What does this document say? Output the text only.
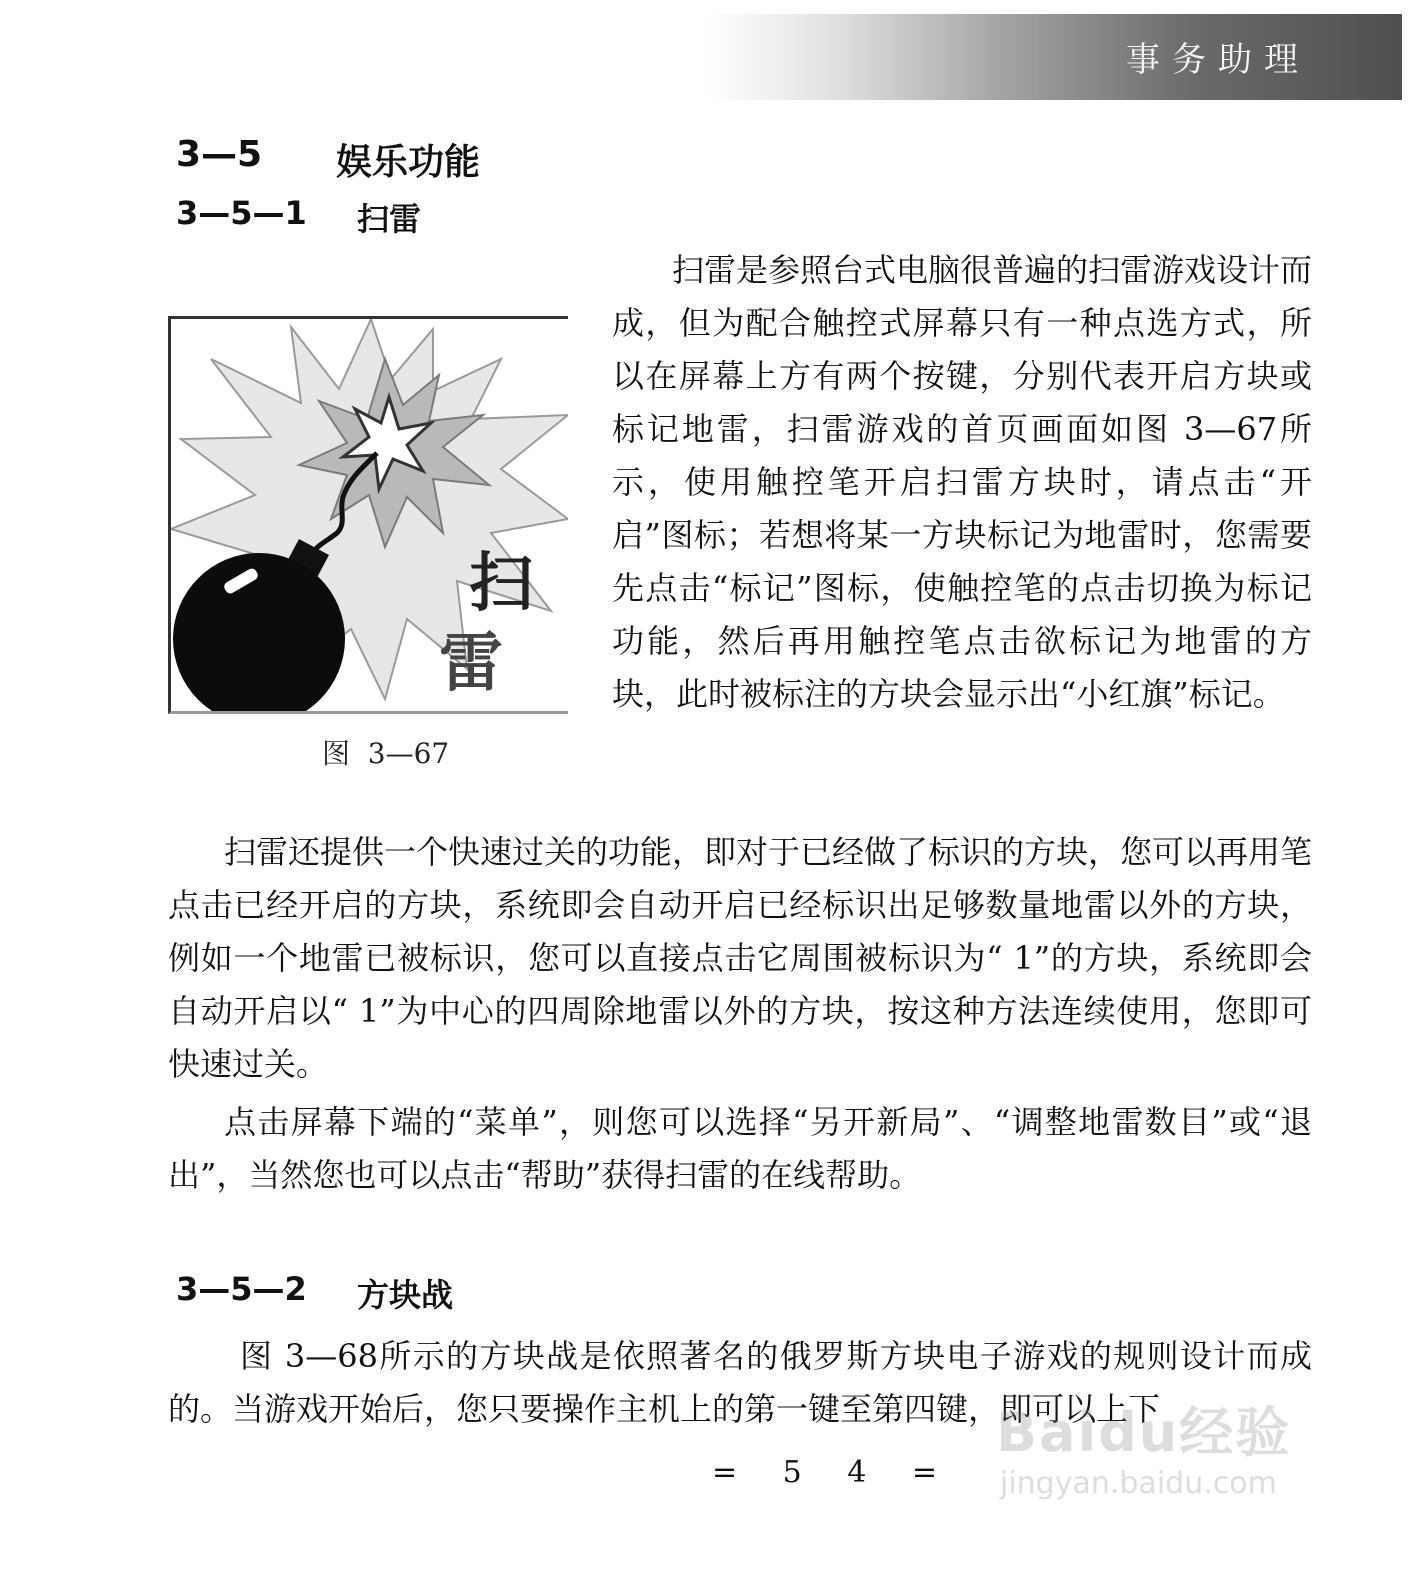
事务助理
3—5 娱乐功能
3—5—1 扫雷
扫
雷
图  3—67

扫雷是参照台式电脑很普遍的扫雷游戏设计而成，但为配合触控式屏幕只有一种点选方式，所以在屏幕上方有两个按键，分别代表开启方块或标记地雷，扫雷游戏的首页画面如图 3—67所示，使用触控笔开启扫雷方块时，请点击“开启”图标；若想将某一方块标记为地雷时，您需要先点击“标记”图标，使触控笔的点击切换为标记功能，然后再用触控笔点击欲标记为地雷的方块，此时被标注的方块会显示出“小红旗”标记。

扫雷还提供一个快速过关的功能，即对于已经做了标识的方块，您可以再用笔点击已经开启的方块，系统即会自动开启已经标识出足够数量地雷以外的方块，例如一个地雷已被标识，您可以直接点击它周围被标识为“ 1”的方块，系统即会自动开启以“ 1”为中心的四周除地雷以外的方块，按这种方法连续使用，您即可快速过关。

点击屏幕下端的“菜单”，则您可以选择“另开新局”、“调整地雷数目”或“退出”，当然您也可以点击“帮助”获得扫雷的在线帮助。

3—5—2 方块战

图 3—68所示的方块战是依照著名的俄罗斯方块电子游戏的规则设计而成的。当游戏开始后，您只要操作主机上的第一键至第四键，即可以上下

= 5 4 =
Baidu经验
jingyan.baidu.com
